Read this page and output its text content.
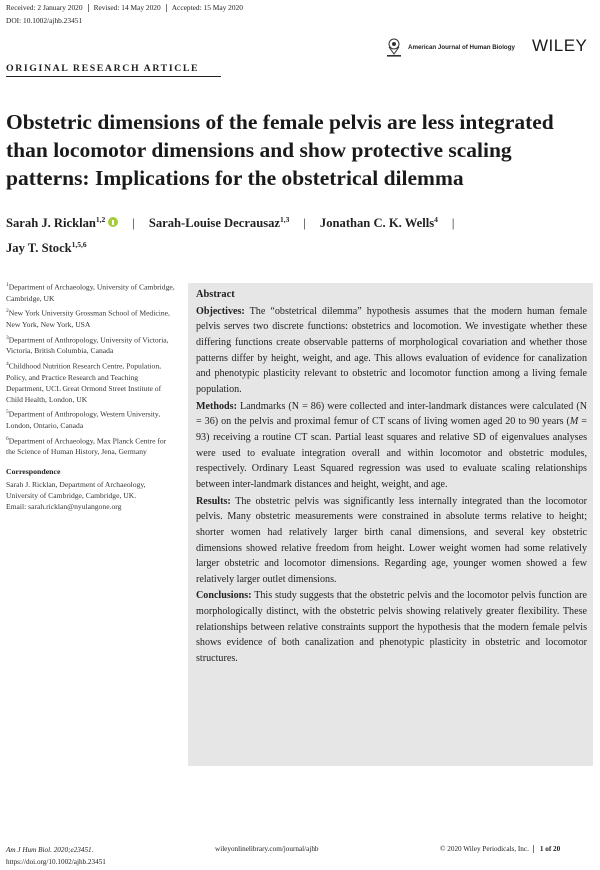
Received: 2 January 2020 Revised: 14 May 2020 Accepted: 15 May 2020
DOI: 10.1002/ajhb.23451
American Journal of Human Biology WILEY
ORIGINAL RESEARCH ARTICLE
Obstetric dimensions of the female pelvis are less integrated than locomotor dimensions and show protective scaling patterns: Implications for the obstetrical dilemma
Sarah J. Ricklan$^{1,2}$ | Sarah-Louise Decrausaz$^{1,3}$ | Jonathan C. K. Wells$^4$ |
Jay T. Stock$^{1,5,6}$
$^1$Department of Archaeology, University of Cambridge, Cambridge, UK
$^2$New York University Grossman School of Medicine, New York, New York, USA
$^3$Department of Anthropology, University of Victoria, Victoria, British Columbia, Canada
$^4$Childhood Nutrition Research Centre, Population, Policy, and Practice Research and Teaching Department, UCL Great Ormond Street Institute of Child Health, London, UK
$^5$Department of Anthropology, Western University, London, Ontario, Canada
$^6$Department of Archaeology, Max Planck Centre for the Science of Human History, Jena, Germany
Correspondence
Sarah J. Ricklan, Department of Archaeology, University of Cambridge, Cambridge, UK.
Email: sarah.ricklan@nyulangone.org
Abstract

Objectives: The “obstetrical dilemma” hypothesis assumes that the modern human female pelvis serves two discrete functions: obstetrics and locomotion. We investigate whether these differing functions create observable patterns of morphological covariation and whether those patterns differ by height, weight, and age. This allows evaluation of evidence for canalization and phenotypic plasticity relevant to obstetric and locomotor function among a living female population.

Methods: Landmarks (N = 86) were collected and inter-landmark distances were calculated (N = 36) on the pelvis and proximal femur of CT scans of living women aged 20 to 90 years (M = 93) receiving a routine CT scan. Partial least squares and relative SD of eigenvalues analyses were used to evaluate integration overall and within locomotor and obstetric modules, respectively. Ordinary Least Squared regression was used to evaluate scaling relationships between inter-landmark distances and height, weight, and age.

Results: The obstetric pelvis was significantly less internally integrated than the locomotor pelvis. Many obstetric measurements were constrained in absolute terms relative to height; shorter women had relatively larger birth canal dimensions, and several key obstetric dimensions showed relative freedom from height. Lower weight women had some relatively larger obstetric and locomotor dimensions. Regarding age, younger women showed a few relatively larger outlet dimensions.

Conclusions: This study suggests that the obstetric pelvis and the locomotor pelvis function are morphologically distinct, with the obstetric pelvis showing relatively greater flexibility. These relationships between relative constraints support the hypothesis that the modern female pelvis shows evidence of both canalization and phenotypic plasticity in obstetric and locomotor structures.

Am J Hum Biol. 2020;e23451.
https://doi.org/10.1002/ajhb.23451
wileyonlinelibrary.com/journal/ajhb	© 2020 Wiley Periodicals, Inc. 1 of 20
